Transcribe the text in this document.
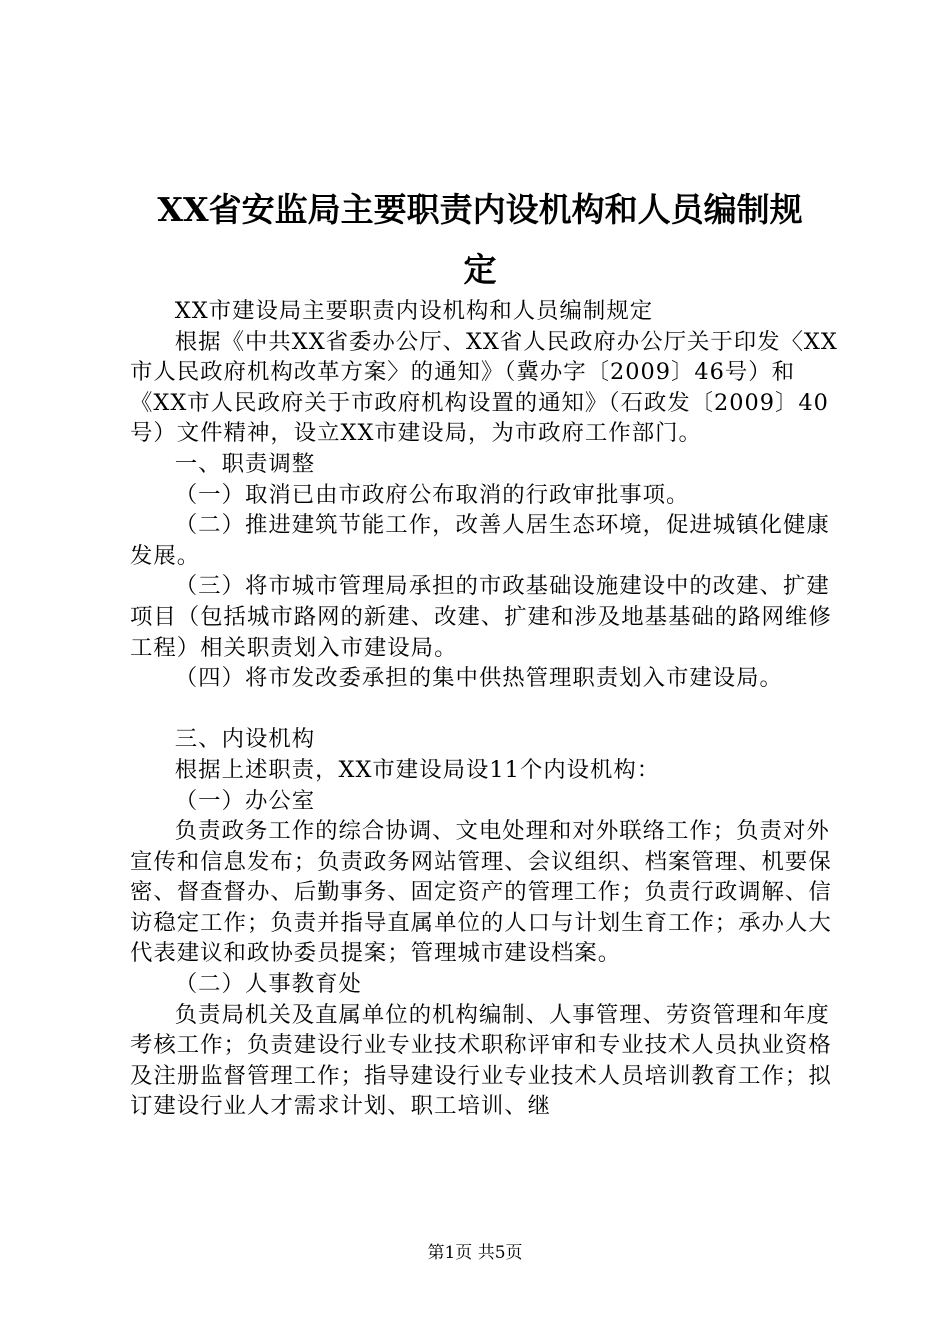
XX省安监局主要职责内设机构和人员编制规
定

XX市建设局主要职责内设机构和人员编制规定

根据《中共XX省委办公厅、XX省人民政府办公厅关于印发〈XX市人民政府机构改革方案〉的通知》（冀办字〔2009〕46号）和《XX市人民政府关于市政府机构设置的通知》（石政发〔2009〕40号）文件精神，设立XX市建设局，为市政府工作部门。

一、职责调整

（一）取消已由市政府公布取消的行政审批事项。

（二）推进建筑节能工作，改善人居生态环境，促进城镇化健康发展。

（三）将市城市管理局承担的市政基础设施建设中的改建、扩建项目（包括城市路网的新建、改建、扩建和涉及地基基础的路网维修工程）相关职责划入市建设局。

（四）将市发改委承担的集中供热管理职责划入市建设局。

三、内设机构

根据上述职责，XX市建设局设11个内设机构：

（一）办公室

负责政务工作的综合协调、文电处理和对外联络工作；负责对外宣传和信息发布；负责政务网站管理、会议组织、档案管理、机要保密、督查督办、后勤事务、固定资产的管理工作；负责行政调解、信访稳定工作；负责并指导直属单位的人口与计划生育工作；承办人大代表建议和政协委员提案；管理城市建设档案。

（二）人事教育处

负责局机关及直属单位的机构编制、人事管理、劳资管理和年度考核工作；负责建设行业专业技术职称评审和专业技术人员执业资格及注册监督管理工作；指导建设行业专业技术人员培训教育工作；拟订建设行业人才需求计划、职工培训、继

第1页 共5页
